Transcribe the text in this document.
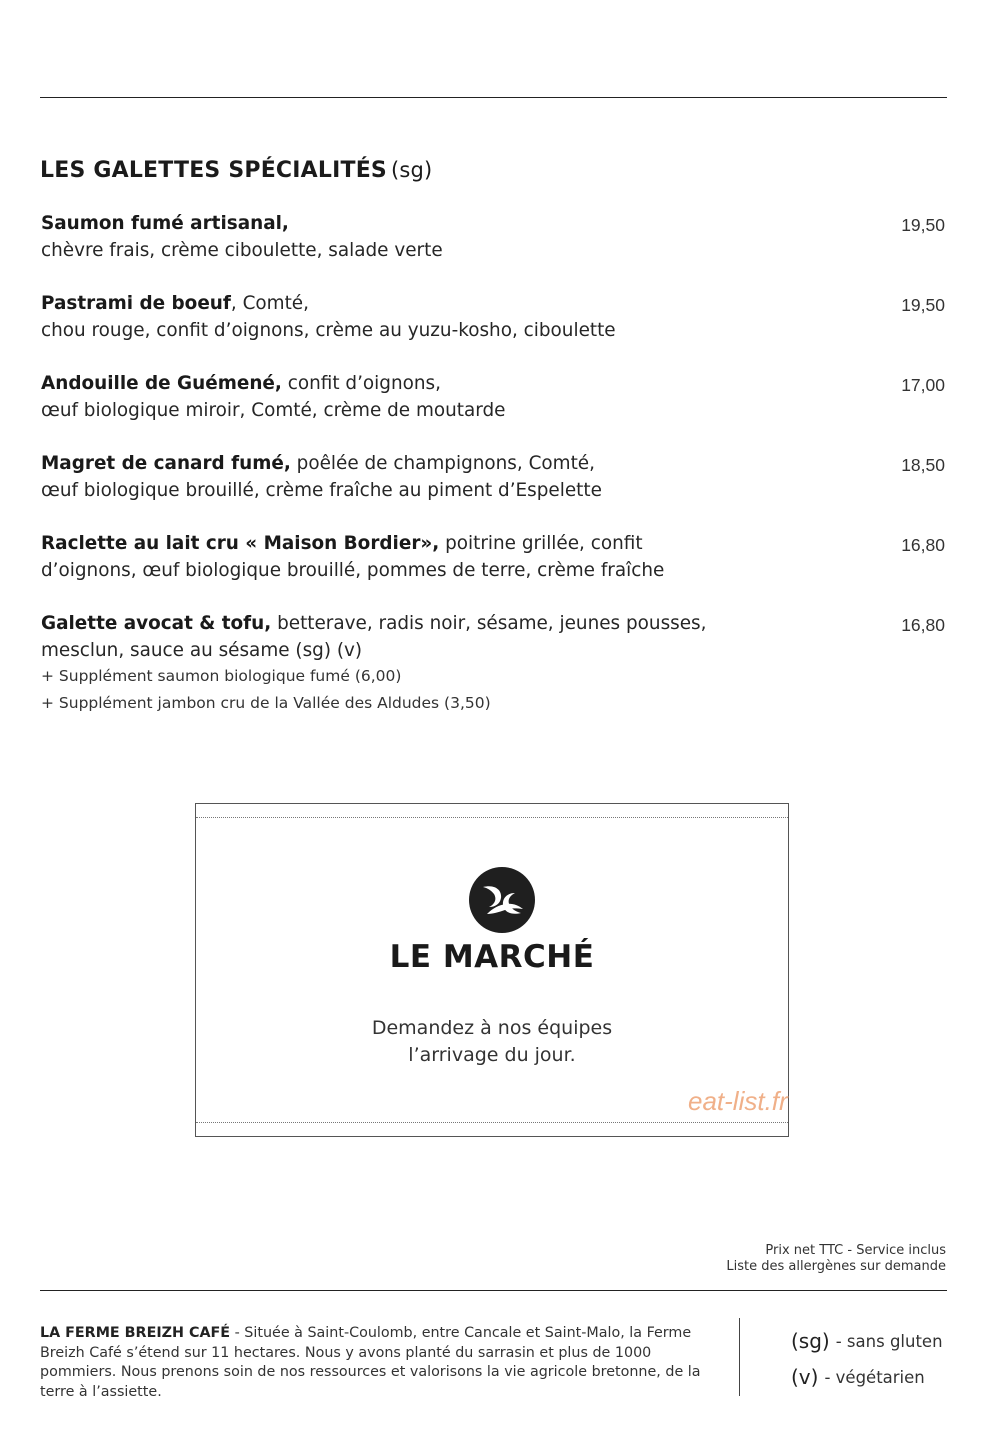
LES GALETTES SPÉCIALITÉS (sg)
Saumon fumé artisanal,
chèvre frais, crème ciboulette, salade verte
19,50
Pastrami de boeuf, Comté,
chou rouge, confit d’oignons, crème au yuzu-kosho, ciboulette
19,50
Andouille de Guémené, confit d’oignons,
œuf biologique miroir, Comté, crème de moutarde
17,00
Magret de canard fumé, poêlée de champignons, Comté,
œuf biologique brouillé, crème fraîche au piment d’Espelette
18,50
Raclette au lait cru « Maison Bordier», poitrine grillée, confit
d’oignons, œuf biologique brouillé, pommes de terre, crème fraîche
16,80
Galette avocat & tofu, betterave, radis noir, sésame, jeunes pousses,
mesclun, sauce au sésame (sg) (v)
16,80
+ Supplément saumon biologique fumé (6,00)
+ Supplément jambon cru de la Vallée des Aldudes (3,50)
LE MARCHÉ
Demandez à nos équipes
l’arrivage du jour.
eat-list.fr
Prix net TTC - Service inclus
Liste des allergènes sur demande
LA FERME BREIZH CAFÉ - Située à Saint-Coulomb, entre Cancale et Saint-Malo, la Ferme Breizh Café s’étend sur 11 hectares. Nous y avons planté du sarrasin et plus de 1000 pommiers. Nous prenons soin de nos ressources et valorisons la vie agricole bretonne, de la terre à l’assiette.
(sg) - sans gluten
(v) - végétarien
